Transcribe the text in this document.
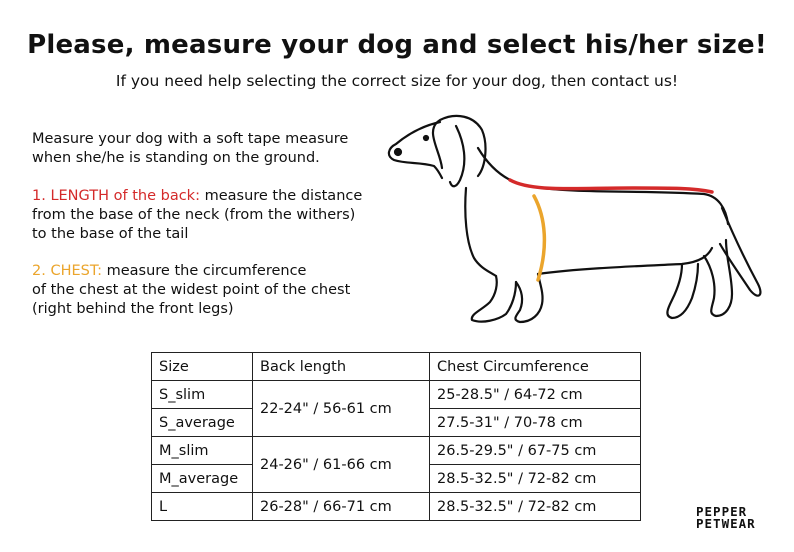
Please, measure your dog and select his/her size!
If you need help selecting the correct size for your dog, then contact us!
Measure your dog with a soft tape measure
when she/he is standing on the ground.
1. LENGTH of the back: measure the distance
from the base of the neck (from the withers)
to the base of the tail
2. CHEST: measure the circumference
of the chest at the widest point of the chest
(right behind the front legs)
Size	Back length	Chest Circumference
S_slim	22-24" / 56-61 cm	25-28.5" / 64-72 cm
S_average		27.5-31" / 70-78 cm
M_slim	24-26" / 61-66 cm	26.5-29.5" / 67-75 cm
M_average		28.5-32.5" / 72-82 cm
L	26-28" / 66-71 cm	28.5-32.5" / 72-82 cm	PEPPER
PETWEAR
